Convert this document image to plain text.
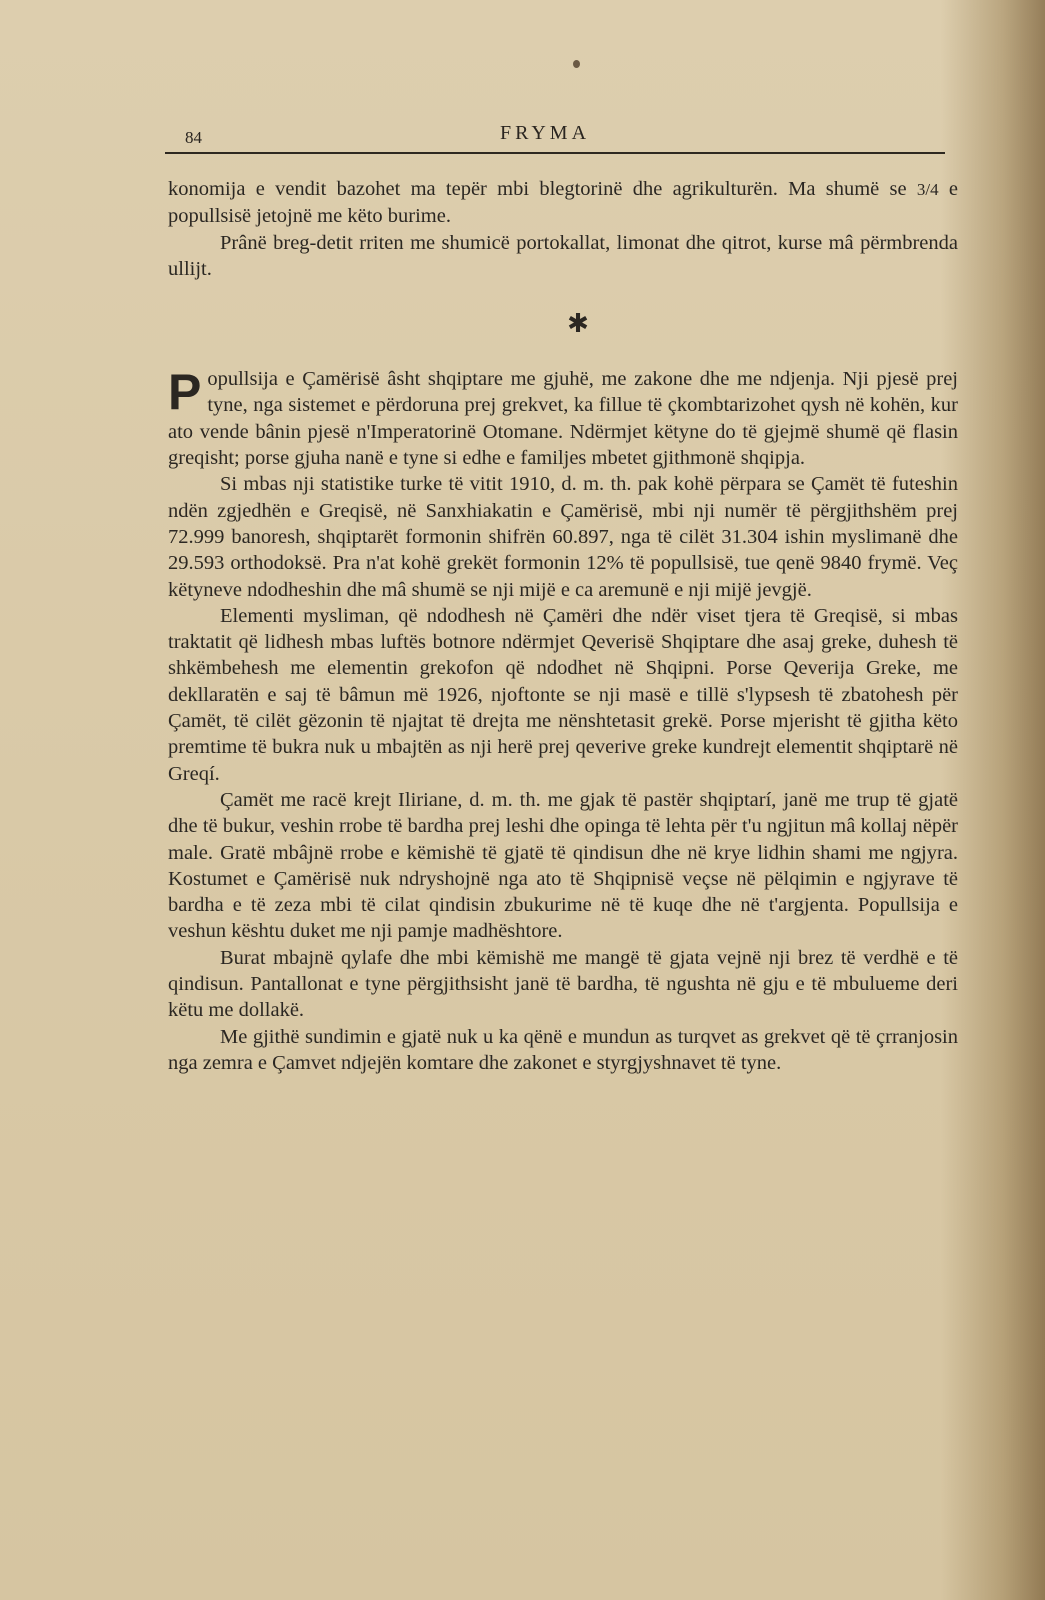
84	FRYMA

konomija e vendit bazohet ma tepër mbi blegtorinë dhe agrikulturën. Ma shumë se 3/4 e popullsisë jetojnë me këto burime.

Prânë breg-detit rriten me shumicë portokallat, limonat dhe qitrot, kurse mâ përmbrenda ullijt.

✱

Popullsija e Çamërisë âsht shqiptare me gjuhë, me zakone dhe me ndjenja. Nji pjesë prej tyne, nga sistemet e përdoruna prej grekvet, ka fillue të çkombtarizohet qysh në kohën, kur ato vende bânin pjesë n'Imperatorinë Otomane. Ndërmjet këtyne do të gjejmë shumë që flasin greqisht; porse gjuha nanë e tyne si edhe e familjes mbetet gjithmonë shqipja.

Si mbas nji statistike turke të vitit 1910, d. m. th. pak kohë përpara se Çamët të futeshin ndën zgjedhën e Greqisë, në Sanxhiakatin e Çamërisë, mbi nji numër të përgjithshëm prej 72.999 banoresh, shqiptarët formonin shifrën 60.897, nga të cilët 31.304 ishin myslimanë dhe 29.593 orthodoksë. Pra n'at kohë grekët formonin 12% të popullsisë, tue qenë 9840 frymë. Veç këtyneve ndodheshin dhe mâ shumë se nji mijë e ca aremunë e nji mijë jevgjë.

Elementi mysliman, që ndodhesh në Çamëri dhe ndër viset tjera të Greqisë, si mbas traktatit që lidhesh mbas luftës botnore ndërmjet Qeverisë Shqiptare dhe asaj greke, duhesh të shkëmbehesh me elementin grekofon që ndodhet në Shqipni. Porse Qeverija Greke, me dekllaratën e saj të bâmun më 1926, njoftonte se nji masë e tillë s'lypsesh të zbatohesh për Çamët, të cilët gëzonin të njajtat të drejta me nënshtetasit grekë. Porse mjerisht të gjitha këto premtime të bukra nuk u mbajtën as nji herë prej qeverive greke kundrejt elementit shqiptarë në Greqí.

Çamët me racë krejt Iliriane, d. m. th. me gjak të pastër shqiptarí, janë me trup të gjatë dhe të bukur, veshin rrobe të bardha prej leshi dhe opinga të lehta për t'u ngjitun mâ kollaj nëpër male. Gratë mbâjnë rrobe e këmishë të gjatë të qindisun dhe në krye lidhin shami me ngjyra. Kostumet e Çamërisë nuk ndryshojnë nga ato të Shqipnisë veçse në pëlqimin e ngjyrave të bardha e të zeza mbi të cilat qindisin zbukurime në të kuqe dhe në t'argjenta. Popullsija e veshun kështu duket me nji pamje madhështore.

Burat mbajnë qylafe dhe mbi këmishë me mangë të gjata vejnë nji brez të verdhë e të qindisun. Pantallonat e tyne përgjithsisht janë të bardha, të ngushta në gju e të mbulueme deri këtu me dollakë.

Me gjithë sundimin e gjatë nuk u ka qënë e mundun as turqvet as grekvet që të çrranjosin nga zemra e Çamvet ndjejën komtare dhe zakonet e styrgjyshnavet të tyne.
